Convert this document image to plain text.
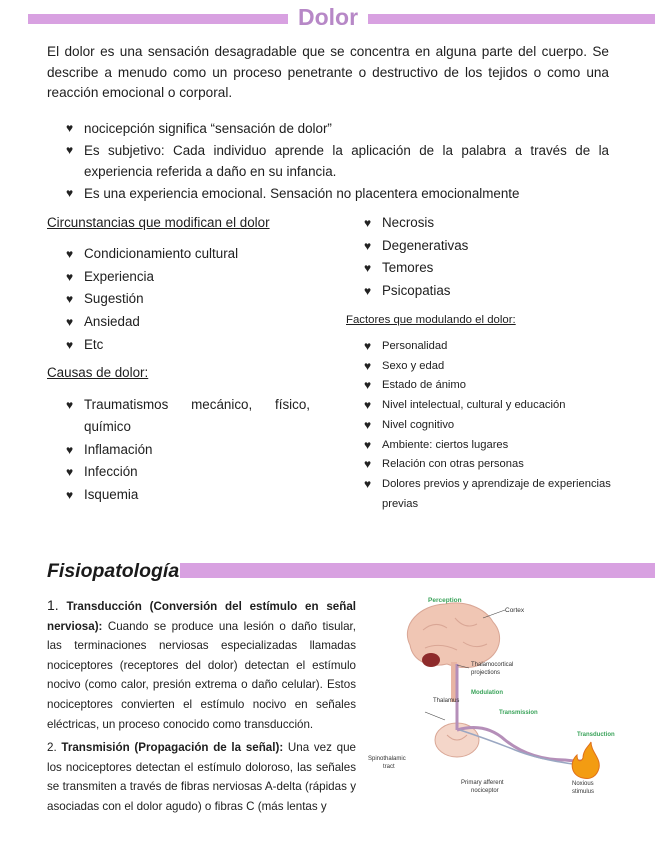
Dolor
El dolor es una sensación desagradable que se concentra en alguna parte del cuerpo. Se describe a menudo como un proceso penetrante o destructivo de los tejidos o como una reacción emocional o corporal.
♥ nocicepción significa “sensación de dolor”
♥ Es subjetivo: Cada individuo aprende la aplicación de la palabra a través de la experiencia referida a daño en su infancia.
♥ Es una experiencia emocional. Sensación no placentera emocionalmente
Circunstancias que modifican el dolor
♥ Condicionamiento cultural
♥ Experiencia
♥ Sugestión
♥ Ansiedad
♥ Etc
Causas de dolor:
♥ Traumatismos mecánico, físico, químico
♥ Inflamación
♥ Infección
♥ Isquemia
♥ Necrosis
♥ Degenerativas
♥ Temores
♥ Psicopatias
Factores que modulando el dolor:
♥ Personalidad
♥ Sexo y edad
♥ Estado de ánimo
♥ Nivel intelectual, cultural y educación
♥ Nivel cognitivo
♥ Ambiente: ciertos lugares
♥ Relación con otras personas
♥ Dolores previos y aprendizaje de experiencias previas
Fisiopatología

1. Transducción (Conversión del estímulo en señal nerviosa): Cuando se produce una lesión o daño tisular, las terminaciones nerviosas especializadas llamadas nociceptores (receptores del dolor) detectan el estímulo nocivo (como calor, presión extrema o daño celular). Estos nociceptores convierten el estímulo nocivo en señales eléctricas, un proceso conocido como transducción.

2. Transmisión (Propagación de la señal): Una vez que los nociceptores detectan el estímulo doloroso, las señales se transmiten a través de fibras nerviosas A-delta (rápidas y asociadas con el dolor agudo) o fibras C (más lentas y

Perception
Cortex
Thalamocortical
projections
Thalamus
Modulation
Transmission
Transduction
Spinothalamic
tract
Primary afferent
nociceptor
Noxious
stimulus
